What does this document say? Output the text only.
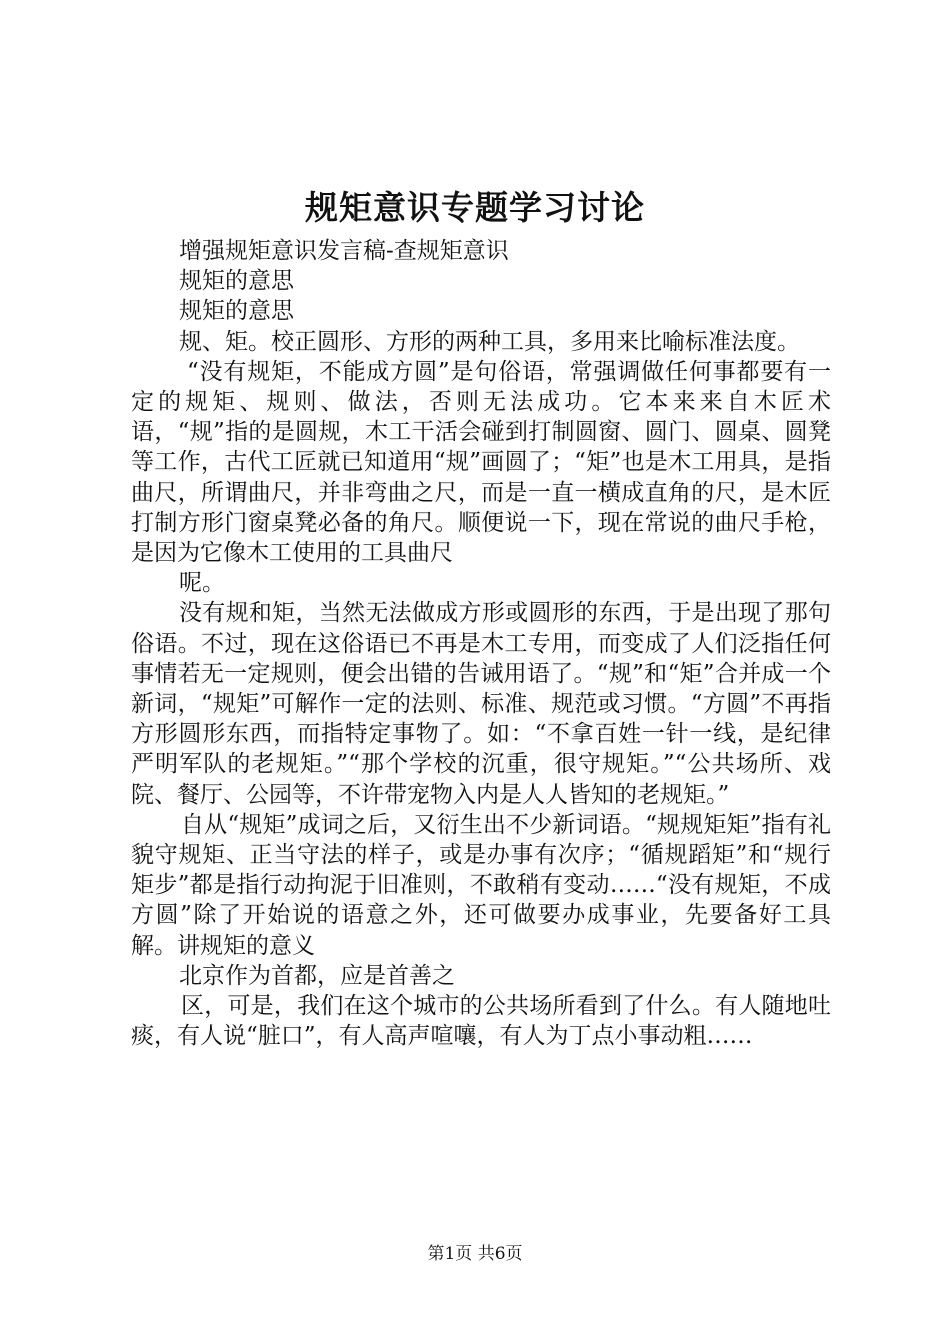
规矩意识专题学习讨论

增强规矩意识发言稿-查规矩意识

规矩的意思

规矩的意思

规、矩。校正圆形、方形的两种工具，多用来比喻标准法度。

“没有规矩，不能成方圆”是句俗语，常强调做任何事都要有一定的规矩、规则、做法，否则无法成功。它本来来自木匠术语，“规”指的是圆规，木工干活会碰到打制圆窗、圆门、圆桌、圆凳等工作，古代工匠就已知道用“规”画圆了；“矩”也是木工用具，是指曲尺，所谓曲尺，并非弯曲之尺，而是一直一横成直角的尺，是木匠打制方形门窗桌凳必备的角尺。顺便说一下，现在常说的曲尺手枪，是因为它像木工使用的工具曲尺

呢。

没有规和矩，当然无法做成方形或圆形的东西，于是出现了那句俗语。不过，现在这俗语已不再是木工专用，而变成了人们泛指任何事情若无一定规则，便会出错的告诫用语了。“规”和“矩”合并成一个新词，“规矩”可解作一定的法则、标准、规范或习惯。“方圆”不再指方形圆形东西，而指特定事物了。如：“不拿百姓一针一线，是纪律严明军队的老规矩。”“那个学校的沉重，很守规矩。”“公共场所、戏院、餐厅、公园等，不许带宠物入内是人人皆知的老规矩。”

自从“规矩”成词之后，又衍生出不少新词语。“规规矩矩”指有礼貌守规矩、正当守法的样子，或是办事有次序；“循规蹈矩”和“规行矩步”都是指行动拘泥于旧准则，不敢稍有变动……“没有规矩，不成方圆”除了开始说的语意之外，还可做要办成事业，先要备好工具解。讲规矩的意义

北京作为首都，应是首善之

区，可是，我们在这个城市的公共场所看到了什么。有人随地吐痰，有人说“脏口”，有人高声喧嚷，有人为丁点小事动粗……

第1页 共6页
